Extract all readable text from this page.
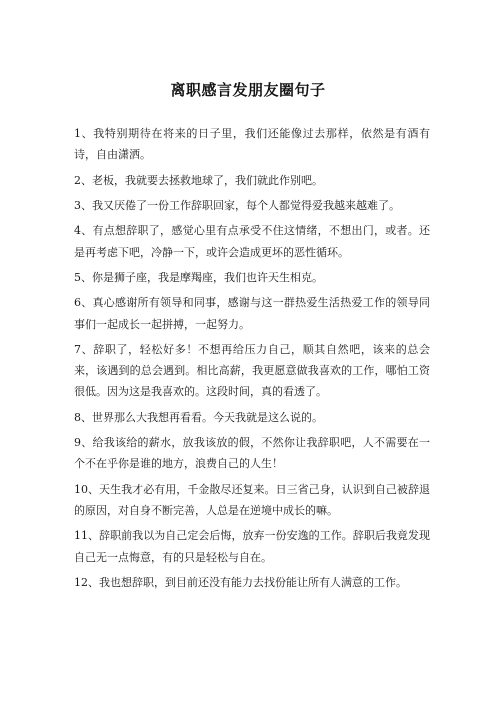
离职感言发朋友圈句子

1、我特别期待在将来的日子里，我们还能像过去那样，依然是有酒有诗，自由潇洒。

2、老板，我就要去拯救地球了，我们就此作别吧。

3、我又厌倦了一份工作辞职回家，每个人都觉得爱我越来越难了。

4、有点想辞职了，感觉心里有点承受不住这情绪，不想出门，或者。还是再考虑下吧，冷静一下，或许会造成更坏的恶性循环。

5、你是狮子座，我是摩羯座，我们也许天生相克。

6、真心感谢所有领导和同事，感谢与这一群热爱生活热爱工作的领导同事们一起成长一起拼搏，一起努力。

7、辞职了，轻松好多！不想再给压力自己，顺其自然吧，该来的总会来，该遇到的总会遇到。相比高薪，我更愿意做我喜欢的工作，哪怕工资很低。因为这是我喜欢的。这段时间，真的看透了。

8、世界那么大我想再看看。今天我就是这么说的。

9、给我该给的薪水，放我该放的假，不然你让我辞职吧，人不需要在一个不在乎你是谁的地方，浪费自己的人生！

10、天生我才必有用，千金散尽还复来。日三省己身，认识到自己被辞退的原因，对自身不断完善，人总是在逆境中成长的嘛。

11、辞职前我以为自己定会后悔，放弃一份安逸的工作。辞职后我竟发现自己无一点悔意，有的只是轻松与自在。

12、我也想辞职，到目前还没有能力去找份能让所有人满意的工作。
